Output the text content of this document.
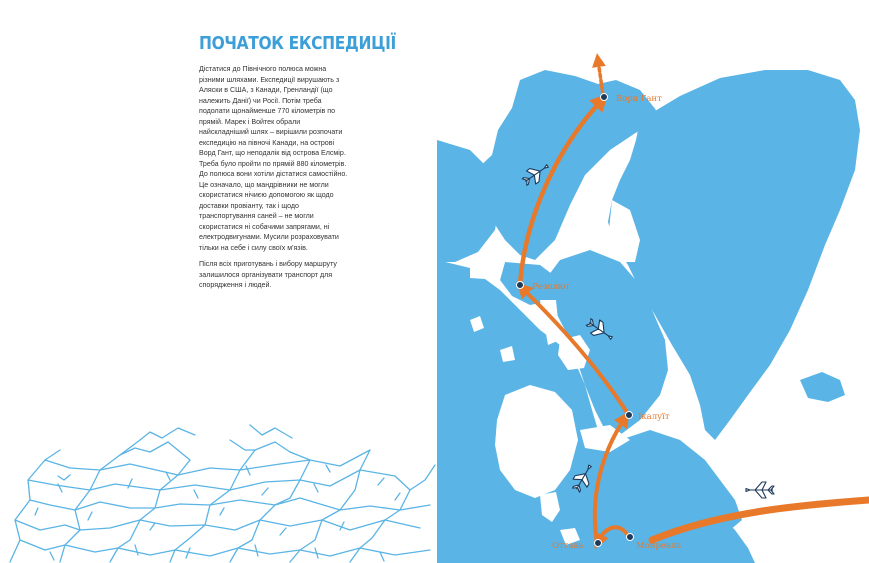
ПОЧАТОК ЕКСПЕДИЦІЇ

Дістатися до Північного полюса можна різними шляхами. Експедиції вирушають з Аляски в США, з Канади, Гренландії (що належить Данії) чи Росії. Потім треба подолати щонайменше 770 кілометрів по прямій. Марек і Войтек обрали найскладніший шлях – вирішили розпочати експедицію на півночі Канади, на острові Ворд Гант, що неподалік від острова Елсмір. Треба було пройти по прямій 880 кілометрів. До полюса вони хотіли дістатися самостійно. Це означало, що мандрівники не могли скористатися нічиєю допомогою як щодо доставки провіанту, так і щодо транспортування саней – не могли скористатися ні собачими запрягами, ні електродвигунами. Мусили розраховувати тільки на себе і силу своїх м'язів.

Після всіх приготувань і вибору маршруту залишилося організувати транспорт для спорядження і людей.

Ворд Гант
Резолют
Ікалуїт
Оттава	Монреаль
